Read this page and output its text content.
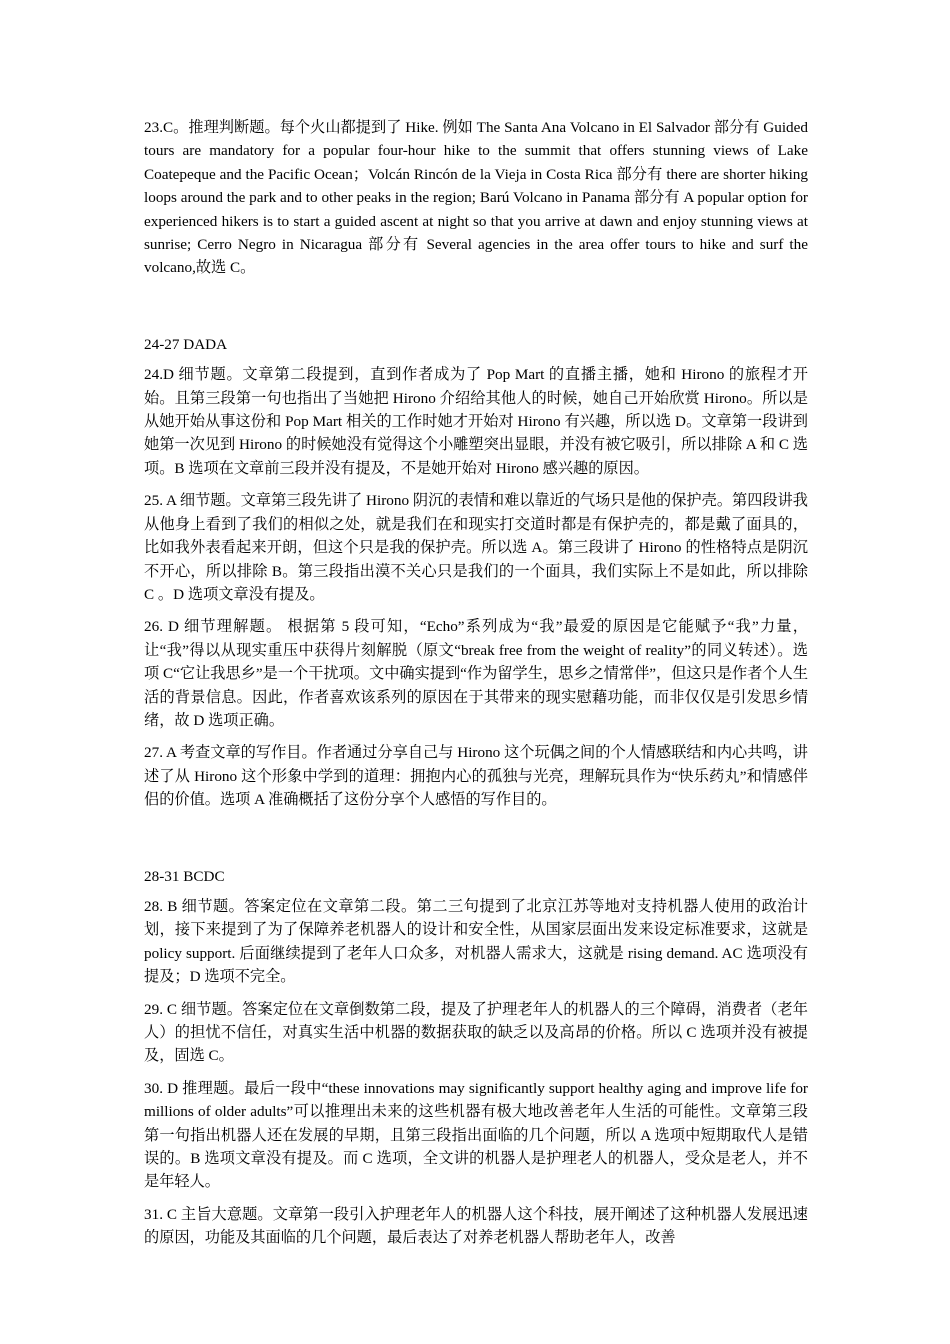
23.C。推理判断题。每个火山都提到了 Hike. 例如 The Santa Ana Volcano in El Salvador 部分有 Guided tours are mandatory for a popular four-hour hike to the summit that offers stunning views of Lake Coatepeque and the Pacific Ocean；Volcán Rincón de la Vieja in Costa Rica 部分有 there are shorter hiking loops around the park and to other peaks in the region; Barú Volcano in Panama 部分有 A popular option for experienced hikers is to start a guided ascent at night so that you arrive at dawn and enjoy stunning views at sunrise; Cerro Negro in Nicaragua 部分有 Several agencies in the area offer tours to hike and surf the volcano,故选 C。

24-27 DADA

24.D 细节题。文章第二段提到，直到作者成为了 Pop Mart 的直播主播，她和 Hirono 的旅程才开始。且第三段第一句也指出了当她把 Hirono 介绍给其他人的时候，她自己开始欣赏 Hirono。所以是从她开始从事这份和 Pop Mart 相关的工作时她才开始对 Hirono 有兴趣，所以选 D。文章第一段讲到她第一次见到 Hirono 的时候她没有觉得这个小雕塑突出显眼，并没有被它吸引，所以排除 A 和 C 选项。B 选项在文章前三段并没有提及，不是她开始对 Hirono 感兴趣的原因。

25. A 细节题。文章第三段先讲了 Hirono 阴沉的表情和难以靠近的气场只是他的保护壳。第四段讲我从他身上看到了我们的相似之处，就是我们在和现实打交道时都是有保护壳的，都是戴了面具的，比如我外表看起来开朗，但这个只是我的保护壳。所以选 A。第三段讲了 Hirono 的性格特点是阴沉不开心，所以排除 B。第三段指出漠不关心只是我们的一个面具，我们实际上不是如此，所以排除 C 。D 选项文章没有提及。

26. D 细节理解题。 根据第 5 段可知，“Echo”系列成为“我”最爱的原因是它能赋予“我”力量，让“我”得以从现实重压中获得片刻解脱（原文“break free from the weight of reality”的同义转述）。选项 C“它让我思乡”是一个干扰项。文中确实提到“作为留学生，思乡之情常伴”，但这只是作者个人生活的背景信息。因此，作者喜欢该系列的原因在于其带来的现实慰藉功能，而非仅仅是引发思乡情绪，故 D 选项正确。

27. A 考查文章的写作目。作者通过分享自己与 Hirono 这个玩偶之间的个人情感联结和内心共鸣，讲述了从 Hirono 这个形象中学到的道理：拥抱内心的孤独与光亮，理解玩具作为“快乐药丸”和情感伴侣的价值。选项 A 准确概括了这份分享个人感悟的写作目的。

28-31 BCDC

28. B 细节题。答案定位在文章第二段。第二三句提到了北京江苏等地对支持机器人使用的政治计划，接下来提到了为了保障养老机器人的设计和安全性，从国家层面出发来设定标准要求，这就是 policy support. 后面继续提到了老年人口众多，对机器人需求大，这就是 rising demand. AC 选项没有提及；D 选项不完全。

29. C 细节题。答案定位在文章倒数第二段，提及了护理老年人的机器人的三个障碍，消费者（老年人）的担忧不信任，对真实生活中机器的数据获取的缺乏以及高昂的价格。所以 C 选项并没有被提及，固选 C。

30. D 推理题。最后一段中“these innovations may significantly support healthy aging and improve life for millions of older adults”可以推理出未来的这些机器有极大地改善老年人生活的可能性。文章第三段第一句指出机器人还在发展的早期，且第三段指出面临的几个问题，所以 A 选项中短期取代人是错误的。B 选项文章没有提及。而 C 选项，全文讲的机器人是护理老人的机器人，受众是老人，并不是年轻人。

31. C 主旨大意题。文章第一段引入护理老年人的机器人这个科技，展开阐述了这种机器人发展迅速的原因，功能及其面临的几个问题，最后表达了对养老机器人帮助老年人，改善
